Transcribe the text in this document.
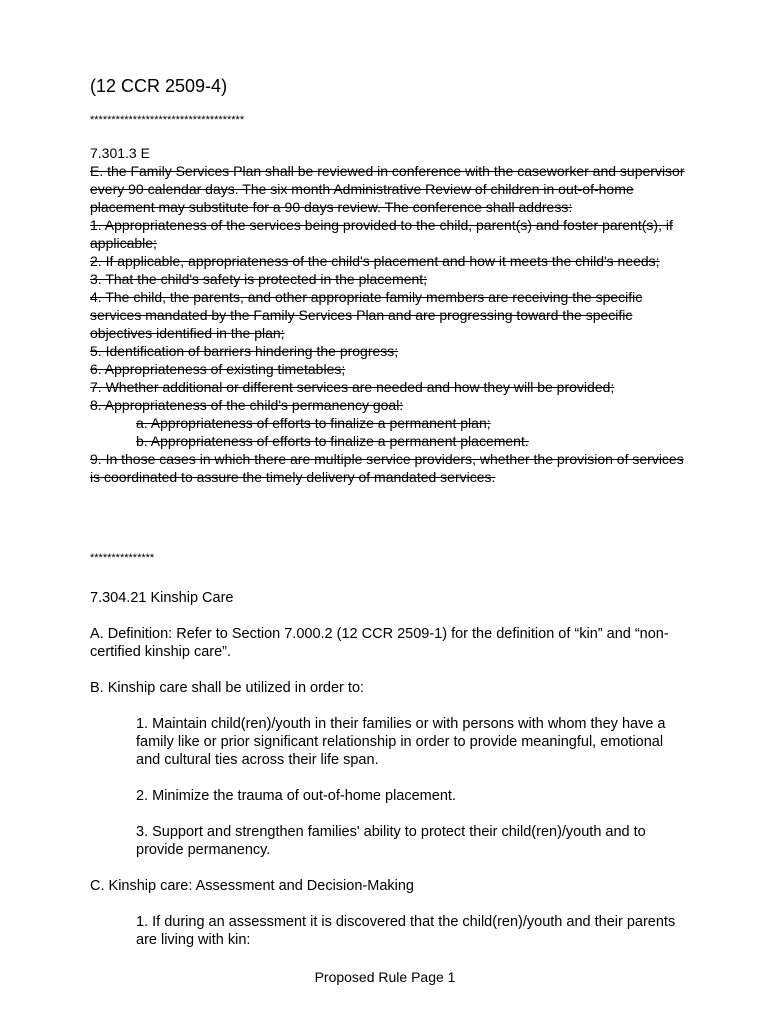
(12 CCR 2509-4)
************************************
7.301.3 E
E. the Family Services Plan shall be reviewed in conference with the caseworker and supervisor every 90 calendar days. The six month Administrative Review of children in out-of-home placement may substitute for a 90 days review. The conference shall address:
1. Appropriateness of the services being provided to the child, parent(s) and foster parent(s), if applicable;
2. If applicable, appropriateness of the child's placement and how it meets the child's needs;
3. That the child's safety is protected in the placement;
4. The child, the parents, and other appropriate family members are receiving the specific services mandated by the Family Services Plan and are progressing toward the specific objectives identified in the plan;
5. Identification of barriers hindering the progress;
6. Appropriateness of existing timetables;
7. Whether additional or different services are needed and how they will be provided;
8. Appropriateness of the child's permanency goal:
a. Appropriateness of efforts to finalize a permanent plan;
b. Appropriateness of efforts to finalize a permanent placement.
9. In those cases in which there are multiple service providers, whether the provision of services is coordinated to assure the timely delivery of mandated services.
***************

7.304.21 Kinship Care

A. Definition: Refer to Section 7.000.2 (12 CCR 2509-1) for the definition of “kin” and “non-certified kinship care”.

B. Kinship care shall be utilized in order to:

1. Maintain child(ren)/youth in their families or with persons with whom they have a family like or prior significant relationship in order to provide meaningful, emotional and cultural ties across their life span.

2. Minimize the trauma of out-of-home placement.

3. Support and strengthen families' ability to protect their child(ren)/youth and to provide permanency.

C. Kinship care: Assessment and Decision-Making

1. If during an assessment it is discovered that the child(ren)/youth and their parents are living with kin:

Proposed Rule Page 1
